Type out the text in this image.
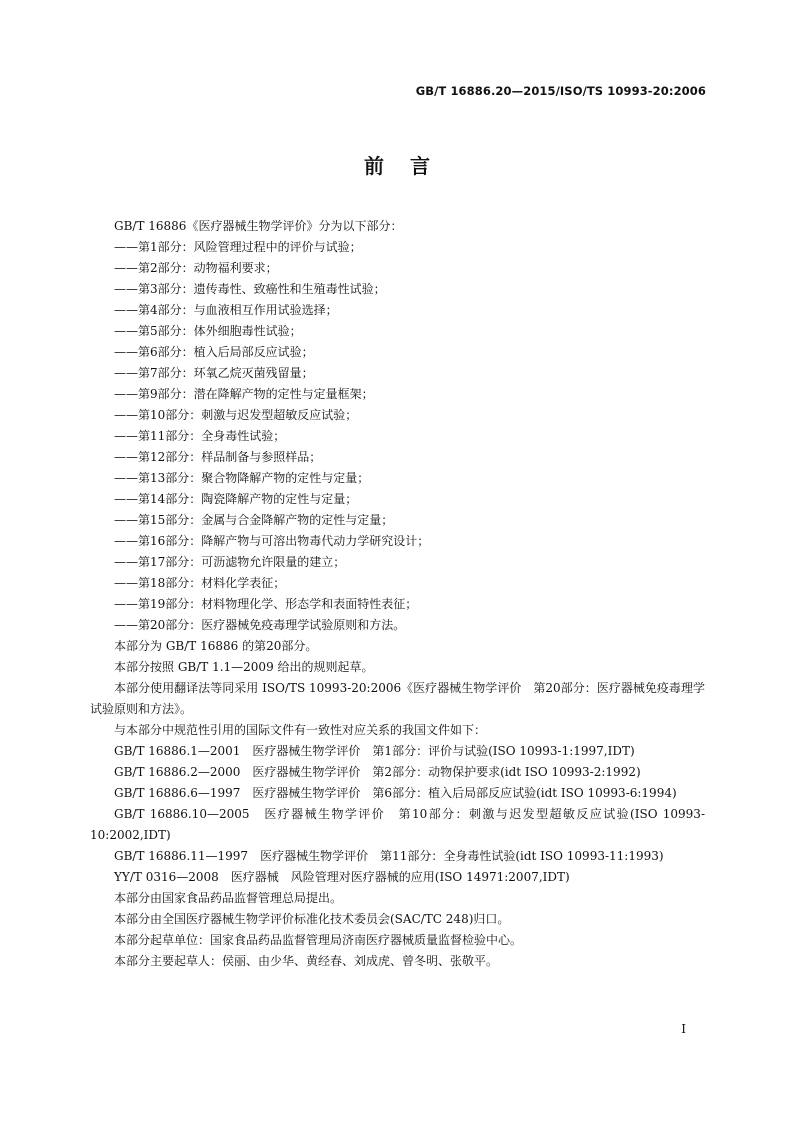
GB/T 16886.20—2015/ISO/TS 10993-20:2006
前言
GB/T 16886《医疗器械生物学评价》分为以下部分：
——第1部分：风险管理过程中的评价与试验；
——第2部分：动物福利要求；
——第3部分：遗传毒性、致癌性和生殖毒性试验；
——第4部分：与血液相互作用试验选择；
——第5部分：体外细胞毒性试验；
——第6部分：植入后局部反应试验；
——第7部分：环氧乙烷灭菌残留量；
——第9部分：潜在降解产物的定性与定量框架；
——第10部分：刺激与迟发型超敏反应试验；
——第11部分：全身毒性试验；
——第12部分：样品制备与参照样品；
——第13部分：聚合物降解产物的定性与定量；
——第14部分：陶瓷降解产物的定性与定量；
——第15部分：金属与合金降解产物的定性与定量；
——第16部分：降解产物与可溶出物毒代动力学研究设计；
——第17部分：可沥滤物允许限量的建立；
——第18部分：材料化学表征；
——第19部分：材料物理化学、形态学和表面特性表征；
——第20部分：医疗器械免疫毒理学试验原则和方法。
本部分为 GB/T 16886 的第20部分。
本部分按照 GB/T 1.1—2009 给出的规则起草。
本部分使用翻译法等同采用 ISO/TS 10993-20:2006《医疗器械生物学评价　第20部分：医疗器械免疫毒理学试验原则和方法》。
与本部分中规范性引用的国际文件有一致性对应关系的我国文件如下：
GB/T 16886.1—2001　医疗器械生物学评价　第1部分：评价与试验(ISO 10993-1:1997,IDT)
GB/T 16886.2—2000　医疗器械生物学评价　第2部分：动物保护要求(idt ISO 10993-2:1992)
GB/T 16886.6—1997　医疗器械生物学评价　第6部分：植入后局部反应试验(idt ISO 10993-6:1994)
GB/T 16886.10—2005　医疗器械生物学评价　第10部分：刺激与迟发型超敏反应试验(ISO 10993-10:2002,IDT)
GB/T 16886.11—1997　医疗器械生物学评价　第11部分：全身毒性试验(idt ISO 10993-11:1993)
YY/T 0316—2008　医疗器械　风险管理对医疗器械的应用(ISO 14971:2007,IDT)
本部分由国家食品药品监督管理总局提出。
本部分由全国医疗器械生物学评价标准化技术委员会(SAC/TC 248)归口。
本部分起草单位：国家食品药品监督管理局济南医疗器械质量监督检验中心。
本部分主要起草人：侯丽、由少华、黄经春、刘成虎、曾冬明、张敬平。
I
